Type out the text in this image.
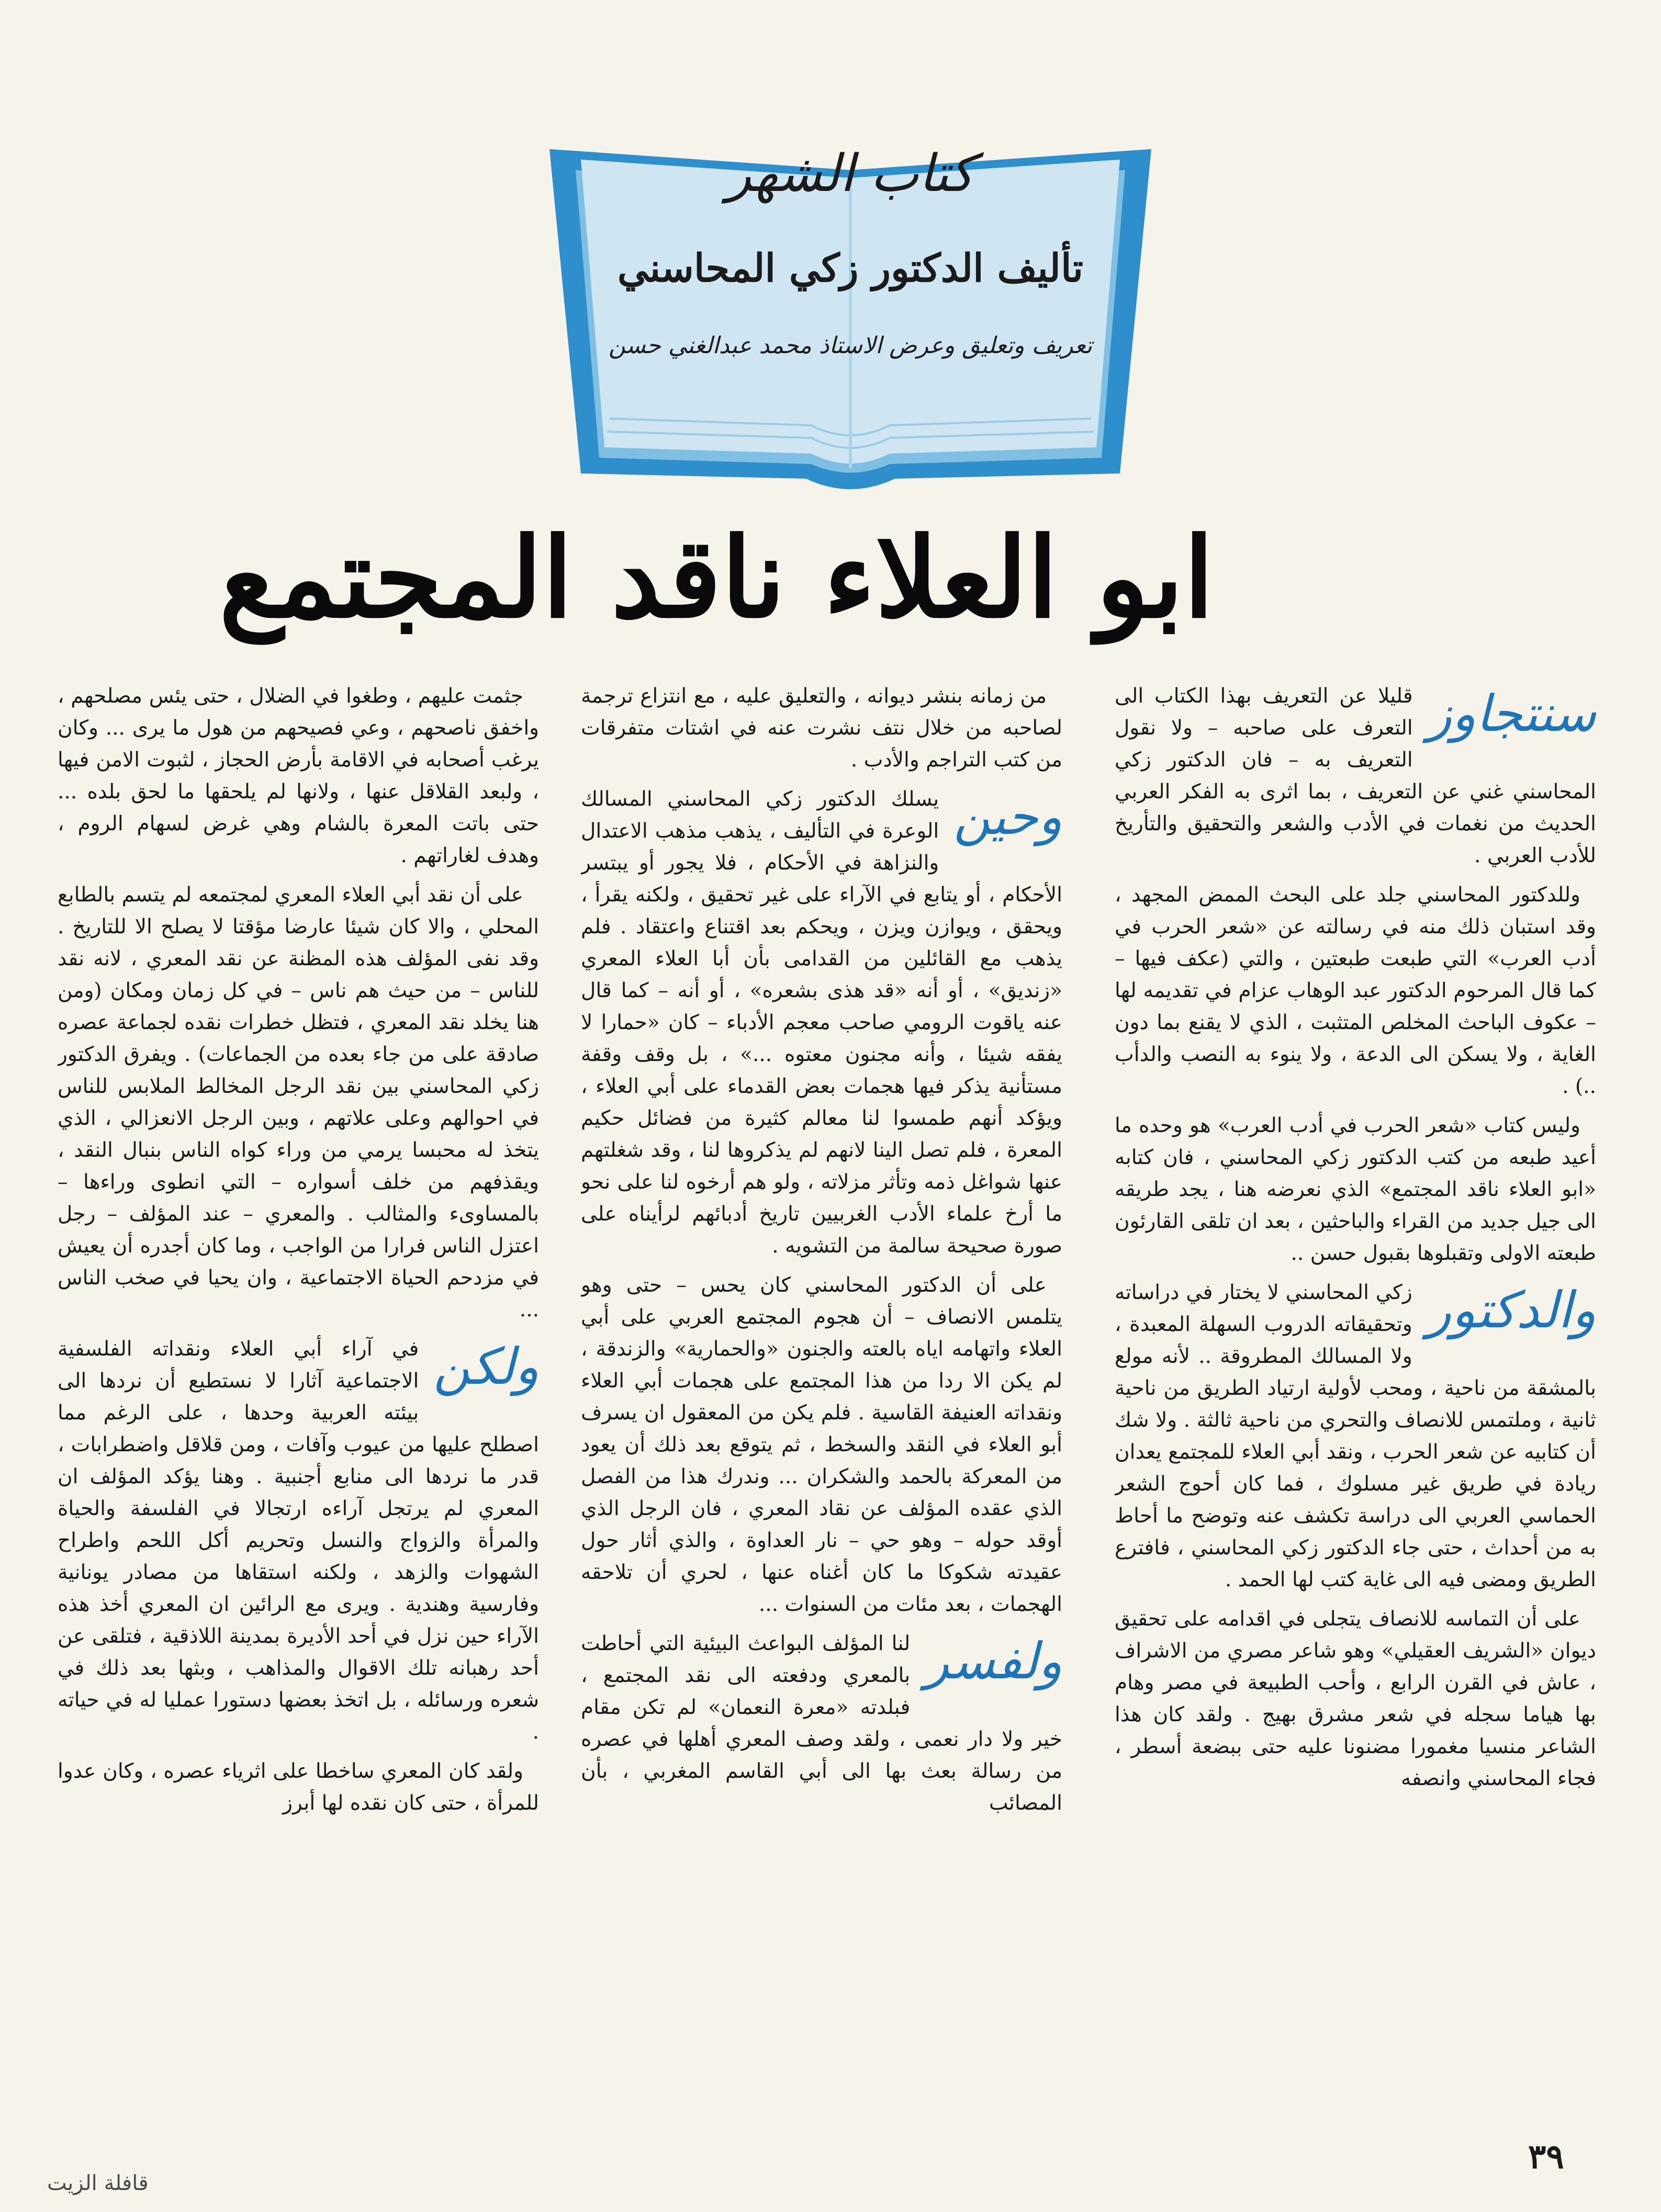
كتاب الشهر
تأليف الدكتور زكي المحاسني
تعريف وتعليق وعرض الاستاذ محمد عبدالغني حسن
ابو العلاء ناقد المجتمع

سنتجاوز
قليلا عن التعريف بهذا الكتاب الى التعرف على صاحبه – ولا نقول التعريف به – فان الدكتور زكي المحاسني غني عن التعريف ، بما اثرى به الفكر العربي الحديث من نغمات في الأدب والشعر والتحقيق والتأريخ للأدب العربي .

وللدكتور المحاسني جلد على البحث الممض المجهد ، وقد استبان ذلك منه في رسالته عن «شعر الحرب في أدب العرب» التي طبعت طبعتين ، والتي (عكف فيها – كما قال المرحوم الدكتور عبد الوهاب عزام في تقديمه لها – عكوف الباحث المخلص المتثبت ، الذي لا يقنع بما دون الغاية ، ولا يسكن الى الدعة ، ولا ينوء به النصب والدأب ..) .

وليس كتاب «شعر الحرب في أدب العرب» هو وحده ما أعيد طبعه من كتب الدكتور زكي المحاسني ، فان كتابه «ابو العلاء ناقد المجتمع» الذي نعرضه هنا ، يجد طريقه الى جيل جديد من القراء والباحثين ، بعد ان تلقى القارئون طبعته الاولى وتقبلوها بقبول حسن ..

والدكتور
زكي المحاسني لا يختار في دراساته وتحقيقاته الدروب السهلة المعبدة ، ولا المسالك المطروقة .. لأنه مولع بالمشقة من ناحية ، ومحب لأولية ارتياد الطريق من ناحية ثانية ، وملتمس للانصاف والتحري من ناحية ثالثة . ولا شك أن كتابيه عن شعر الحرب ، ونقد أبي العلاء للمجتمع يعدان ريادة في طريق غير مسلوك ، فما كان أحوج الشعر الحماسي العربي الى دراسة تكشف عنه وتوضح ما أحاط به من أحداث ، حتى جاء الدكتور زكي المحاسني ، فافترع الطريق ومضى فيه الى غاية كتب لها الحمد .

على أن التماسه للانصاف يتجلى في اقدامه على تحقيق ديوان «الشريف العقيلي» وهو شاعر مصري من الاشراف ، عاش في القرن الرابع ، وأحب الطبيعة في مصر وهام بها هياما سجله في شعر مشرق بهيج . ولقد كان هذا الشاعر منسيا مغمورا مضنونا عليه حتى ببضعة أسطر ، فجاء المحاسني وانصفه

من زمانه بنشر ديوانه ، والتعليق عليه ، مع انتزاع ترجمة لصاحبه من خلال نتف نشرت عنه في اشتات متفرقات من كتب التراجم والأدب .

وحين
يسلك الدكتور زكي المحاسني المسالك الوعرة في التأليف ، يذهب مذهب الاعتدال والنزاهة في الأحكام ، فلا يجور أو يبتسر الأحكام ، أو يتابع في الآراء على غير تحقيق ، ولكنه يقرأ ، ويحقق ، ويوازن ويزن ، ويحكم بعد اقتناع واعتقاد . فلم يذهب مع القائلين من القدامى بأن أبا العلاء المعري «زنديق» ، أو أنه «قد هذى بشعره» ، أو أنه – كما قال عنه ياقوت الرومي صاحب معجم الأدباء – كان «حمارا لا يفقه شيئا ، وأنه مجنون معتوه ...» ، بل وقف وقفة مستأنية يذكر فيها هجمات بعض القدماء على أبي العلاء ، ويؤكد أنهم طمسوا لنا معالم كثيرة من فضائل حكيم المعرة ، فلم تصل الينا لانهم لم يذكروها لنا ، وقد شغلتهم عنها شواغل ذمه وتأثر مزلاته ، ولو هم أرخوه لنا على نحو ما أرخ علماء الأدب الغربيين تاريخ أدبائهم لرأيناه على صورة صحيحة سالمة من التشويه .

على أن الدكتور المحاسني كان يحس – حتى وهو يتلمس الانصاف – أن هجوم المجتمع العربي على أبي العلاء واتهامه اياه بالعته والجنون «والحمارية» والزندقة ، لم يكن الا ردا من هذا المجتمع على هجمات أبي العلاء ونقداته العنيفة القاسية . فلم يكن من المعقول ان يسرف أبو العلاء في النقد والسخط ، ثم يتوقع بعد ذلك أن يعود من المعركة بالحمد والشكران ... وندرك هذا من الفصل الذي عقده المؤلف عن نقاد المعري ، فان الرجل الذي أوقد حوله – وهو حي – نار العداوة ، والذي أثار حول عقيدته شكوكا ما كان أغناه عنها ، لحري أن تلاحقه الهجمات ، بعد مئات من السنوات ...

ولفسر
لنا المؤلف البواعث البيئية التي أحاطت بالمعري ودفعته الى نقد المجتمع ، فبلدته «معرة النعمان» لم تكن مقام خير ولا دار نعمى ، ولقد وصف المعري أهلها في عصره من رسالة بعث بها الى أبي القاسم المغربي ، بأن المصائب

جثمت عليهم ، وطغوا في الضلال ، حتى يئس مصلحهم ، واخفق ناصحهم ، وعي فصيحهم من هول ما يرى ... وكان يرغب أصحابه في الاقامة بأرض الحجاز ، لثبوت الامن فيها ، ولبعد القلاقل عنها ، ولانها لم يلحقها ما لحق بلده ... حتى باتت المعرة بالشام وهي غرض لسهام الروم ، وهدف لغاراتهم .

على أن نقد أبي العلاء المعري لمجتمعه لم يتسم بالطابع المحلي ، والا كان شيئا عارضا مؤقتا لا يصلح الا للتاريخ . وقد نفى المؤلف هذه المظنة عن نقد المعري ، لانه نقد للناس – من حيث هم ناس – في كل زمان ومكان (ومن هنا يخلد نقد المعري ، فتظل خطرات نقده لجماعة عصره صادقة على من جاء بعده من الجماعات) . ويفرق الدكتور زكي المحاسني بين نقد الرجل المخالط الملابس للناس في احوالهم وعلى علاتهم ، وبين الرجل الانعزالي ، الذي يتخذ له محبسا يرمي من وراء كواه الناس بنبال النقد ، ويقذفهم من خلف أسواره – التي انطوى وراءها – بالمساوىء والمثالب . والمعري – عند المؤلف – رجل اعتزل الناس فرارا من الواجب ، وما كان أجدره أن يعيش في مزدحم الحياة الاجتماعية ، وان يحيا في صخب الناس ...

ولكن
في آراء أبي العلاء ونقداته الفلسفية الاجتماعية آثارا لا نستطيع أن نردها الى بيئته العربية وحدها ، على الرغم مما اصطلح عليها من عيوب وآفات ، ومن قلاقل واضطرابات ، قدر ما نردها الى منابع أجنبية . وهنا يؤكد المؤلف ان المعري لم يرتجل آراءه ارتجالا في الفلسفة والحياة والمرأة والزواج والنسل وتحريم أكل اللحم واطراح الشهوات والزهد ، ولكنه استقاها من مصادر يونانية وفارسية وهندية . ويرى مع الرائين ان المعري أخذ هذه الآراء حين نزل في أحد الأديرة بمدينة اللاذقية ، فتلقى عن أحد رهبانه تلك الاقوال والمذاهب ، وبثها بعد ذلك في شعره ورسائله ، بل اتخذ بعضها دستورا عمليا له في حياته .

ولقد كان المعري ساخطا على اثرياء عصره ، وكان عدوا للمرأة ، حتى كان نقده لها أبرز

٣٩
قافلة الزيت
